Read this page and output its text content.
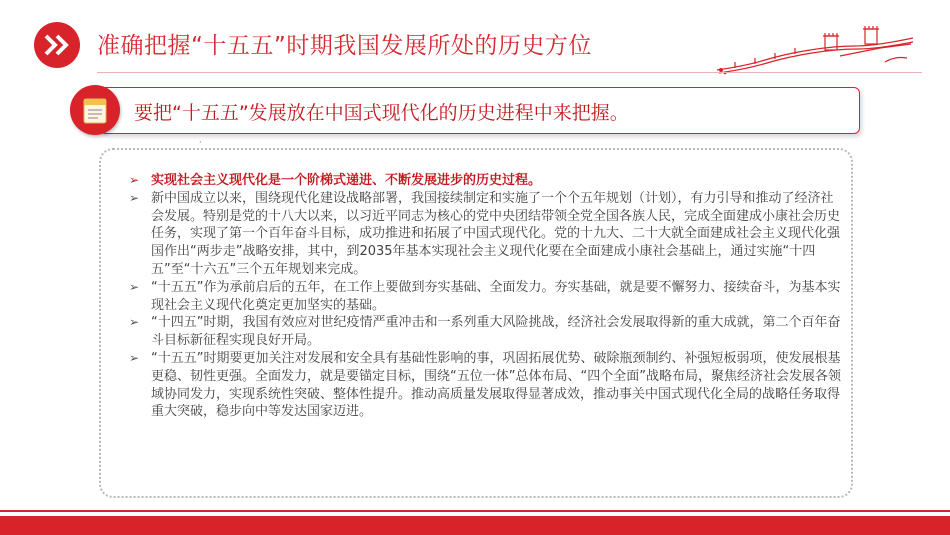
准确把握“十五五”时期我国发展所处的历史方位
要把“十五五”发展放在中国式现代化的历史进程中来把握。
·
➢ 实现社会主义现代化是一个阶梯式递进、不断发展进步的历史过程。
➢ 新中国成立以来，围绕现代化建设战略部署，我国接续制定和实施了一个个五年规划（计划），有力引导和推动了经济社会发展。特别是党的十八大以来，以习近平同志为核心的党中央团结带领全党全国各族人民，完成全面建成小康社会历史任务，实现了第一个百年奋斗目标，成功推进和拓展了中国式现代化。党的十九大、二十大就全面建成社会主义现代化强国作出“两步走”战略安排，其中，到2035年基本实现社会主义现代化要在全面建成小康社会基础上，通过实施“十四五”至“十六五”三个五年规划来完成。
➢ “十五五”作为承前启后的五年，在工作上要做到夯实基础、全面发力。夯实基础，就是要不懈努力、接续奋斗，为基本实现社会主义现代化奠定更加坚实的基础。
➢ “十四五”时期，我国有效应对世纪疫情严重冲击和一系列重大风险挑战，经济社会发展取得新的重大成就，第二个百年奋斗目标新征程实现良好开局。
➢ “十五五”时期要更加关注对发展和安全具有基础性影响的事，巩固拓展优势、破除瓶颈制约、补强短板弱项，使发展根基更稳、韧性更强。全面发力，就是要锚定目标，围绕“五位一体”总体布局、“四个全面”战略布局，聚焦经济社会发展各领域协同发力，实现系统性突破、整体性提升。推动高质量发展取得显著成效，推动事关中国式现代化全局的战略任务取得重大突破，稳步向中等发达国家迈进。
